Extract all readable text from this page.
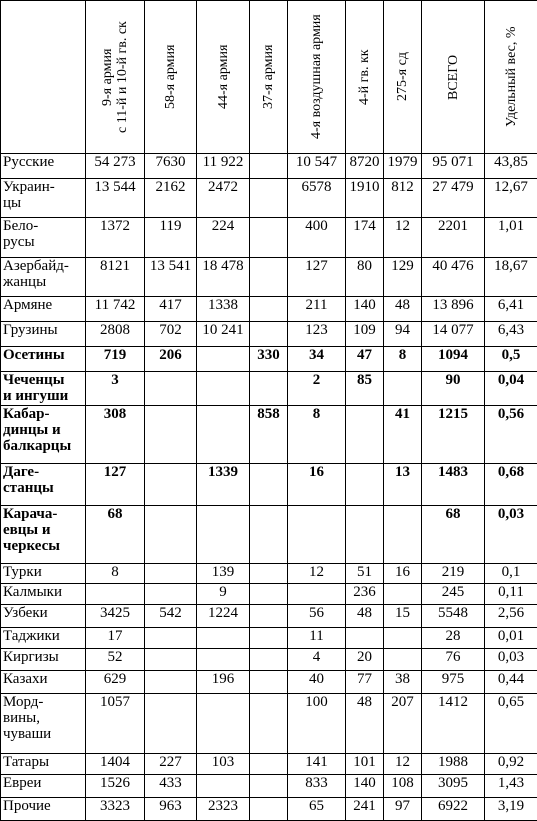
	9-я армия
с 11-й и 10-й гв. ск	58-я армия	44-я армия	37-я армия	4-я воздушная армия	4-й гв. кк	275-я сд	ВСЕГО	Удельный вес, %

Русские	54 273	7630	11 922		10 547	8720	1979	95 071	43,85
Украин-
цы	13 544	2162	2472		6578	1910	812	27 479	12,67
Бело-
русы	1372	119	224		400	174	12	2201	1,01
Азербайд-
жанцы	8121	13 541	18 478		127	80	129	40 476	18,67
Армяне	11 742	417	1338		211	140	48	13 896	6,41
Грузины	2808	702	10 241		123	109	94	14 077	6,43
Осетины	719	206		330	34	47	8	1094	0,5
Чеченцы
и ингуши	3				2	85		90	0,04
Кабар-
динцы и
балкарцы	308			858	8		41	1215	0,56
Даге-
станцы	127		1339		16		13	1483	0,68
Карача-
евцы и
черкесы	68							68	0,03
Турки	8		139		12	51	16	219	0,1
Калмыки			9			236		245	0,11
Узбеки	3425	542	1224		56	48	15	5548	2,56
Таджики	17				11			28	0,01
Киргизы	52				4	20		76	0,03
Казахи	629		196		40	77	38	975	0,44
Морд-
вины,
чуваши	1057				100	48	207	1412	0,65
Татары	1404	227	103		141	101	12	1988	0,92
Евреи	1526	433			833	140	108	3095	1,43
Прочие	3323	963	2323		65	241	97	6922	3,19
